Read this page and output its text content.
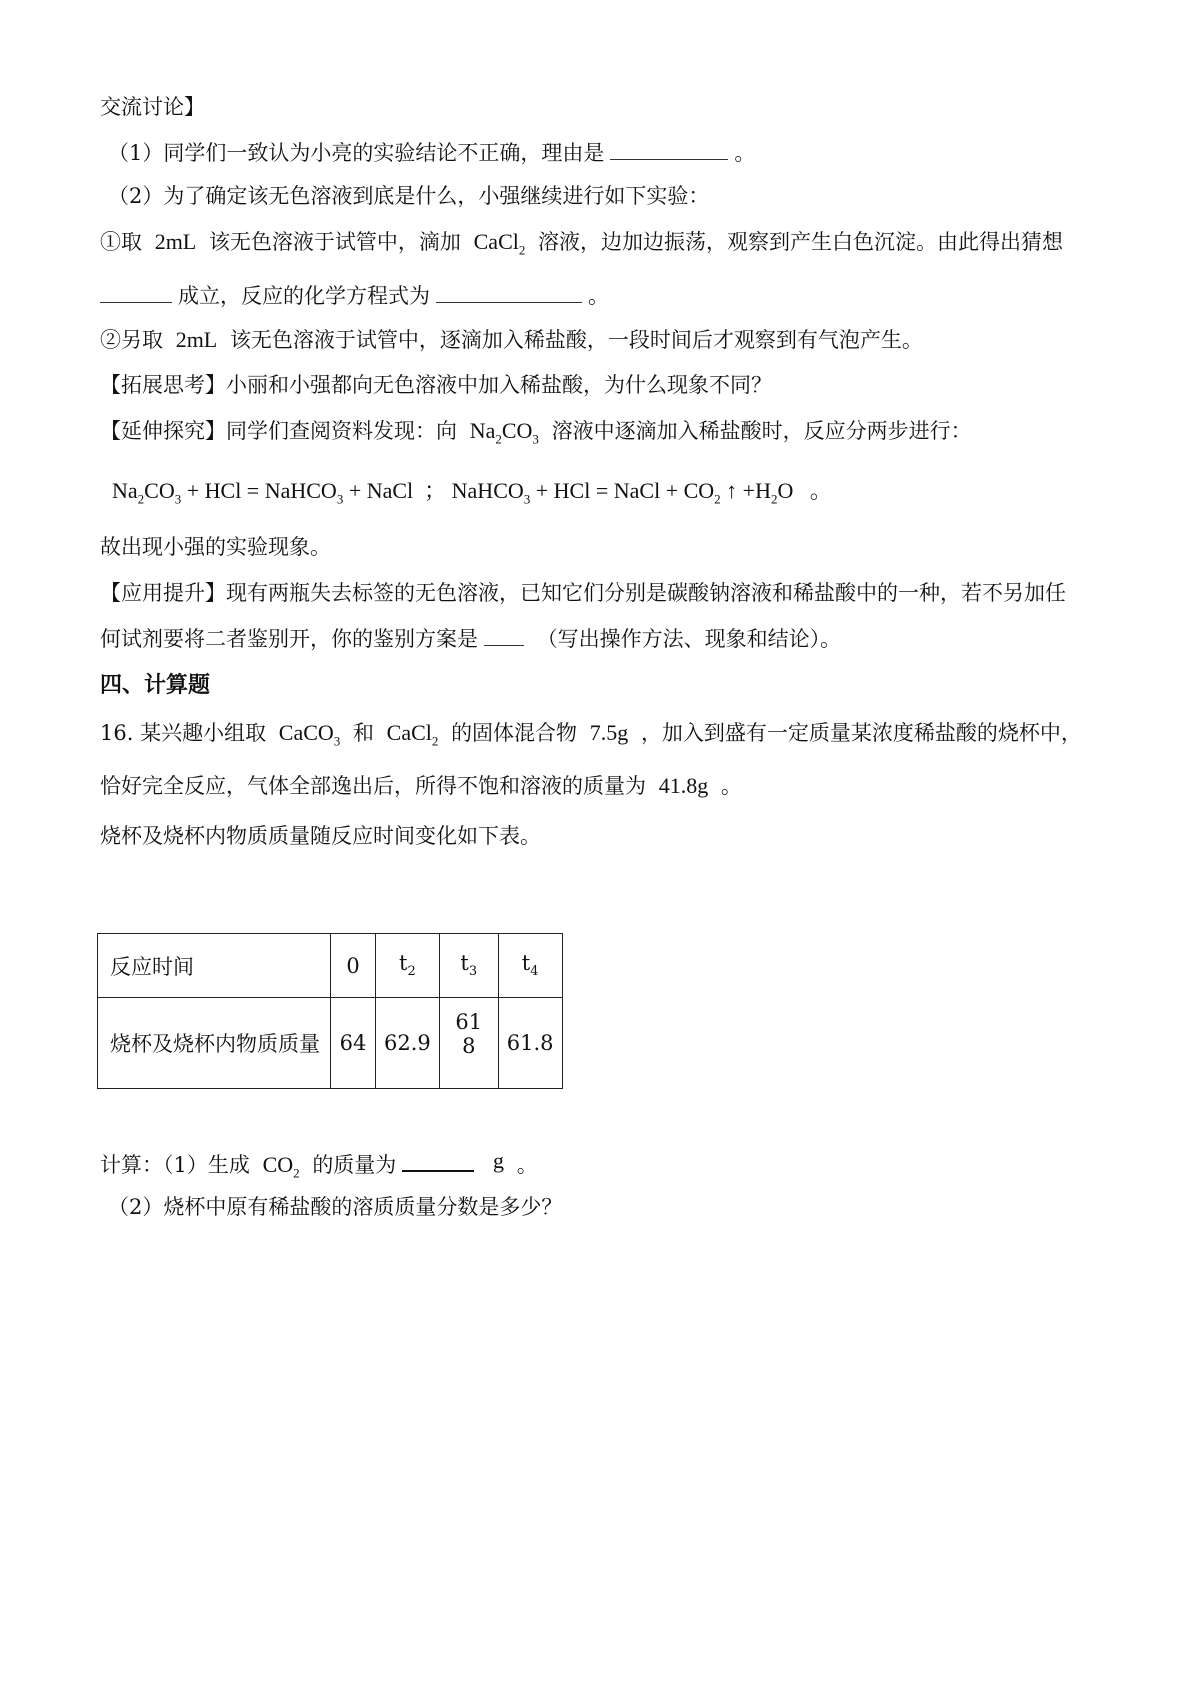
交流讨论】
（1）同学们一致认为小亮的实验结论不正确，理由是	。
（2）为了确定该无色溶液到底是什么，小强继续进行如下实验：
①取 2mL 该无色溶液于试管中，滴加 CaCl$_2$ 溶液，边加边振荡，观察到产生白色沉淀。由此得出猜想
成立，反应的化学方程式为	。
②另取 2mL 该无色溶液于试管中，逐滴加入稀盐酸，一段时间后才观察到有气泡产生。
【拓展思考】小丽和小强都向无色溶液中加入稀盐酸，为什么现象不同？
【延伸探究】同学们查阅资料发现：向 $Na_2CO_3$ 溶液中逐滴加入稀盐酸时，反应分两步进行：
$Na_2CO_3$ + HCl = NaHCO$_3$ + NaCl  ； NaHCO$_3$ + HCl = NaCl + $CO_2$ ↑ $+H_2O$   。
故出现小强的实验现象。
【应用提升】现有两瓶失去标签的无色溶液，已知它们分别是碳酸钠溶液和稀盐酸中的一种，若不另加任
何试剂要将二者鉴别开，你的鉴别方案是	（写出操作方法、现象和结论）。
四、计算题
16. 某兴趣小组取 CaCO$_3$ 和 CaCl$_2$ 的固体混合物 7.5g ，加入到盛有一定质量某浓度稀盐酸的烧杯中，
恰好完全反应，气体全部逸出后，所得不饱和溶液的质量为 41.8g 。
烧杯及烧杯内物质质量随反应时间变化如下表。
反应时间	0	$t_2$	$t_3$	$t_4$
烧杯及烧杯内物质质量	64	62.9	61 8	61.8
计算：（1）生成 $CO_2$ 的质量为	g 。
（2）烧杯中原有稀盐酸的溶质质量分数是多少？
